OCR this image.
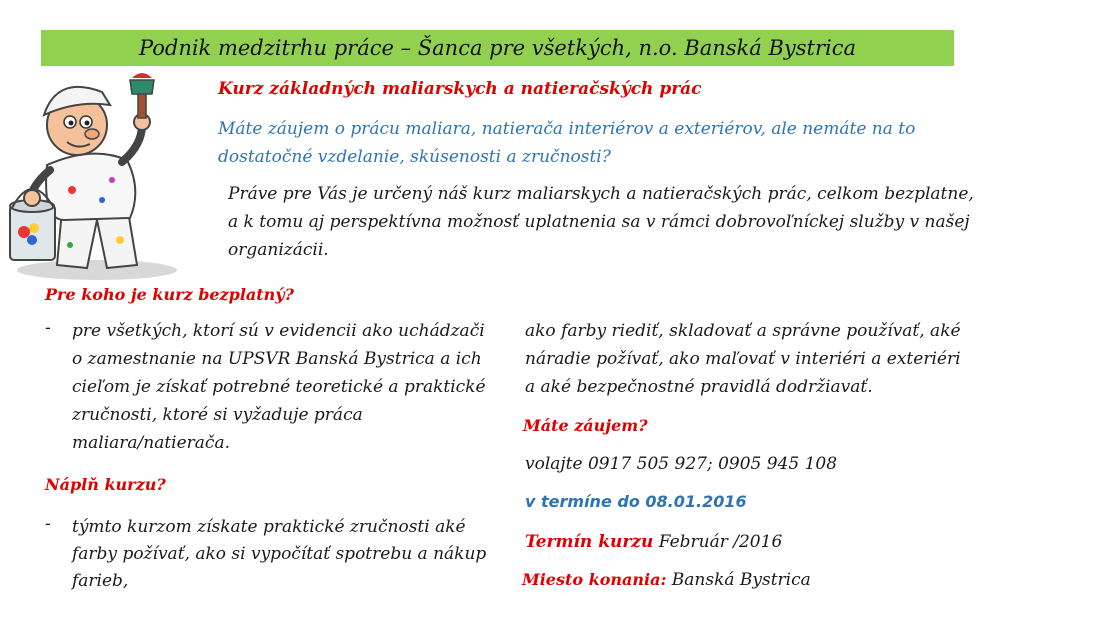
Podnik medzitrhu práce – Šanca pre všetkých, n.o. Banská Bystrica
Kurz základných maliarskych a natieračských prác
Máte záujem o prácu maliara, natierača interiérov a exteriérov, ale nemáte na to
dostatočné vzdelanie, skúsenosti a zručnosti?
Práve pre Vás je určený náš kurz maliarskych a natieračských prác, celkom bezplatne,
a k tomu aj perspektívna možnosť uplatnenia sa v rámci dobrovoľníckej služby v našej
organizácii.
Pre koho je kurz bezplatný?
- pre všetkých, ktorí sú v evidencii ako uchádzači
o zamestnanie na UPSVR Banská Bystrica a ich
cieľom je získať potrebné teoretické a praktické
zručnosti, ktoré si vyžaduje práca
maliara/natierača.
Náplň kurzu?
- týmto kurzom získate praktické zručnosti aké
farby požívať, ako si vypočítať spotrebu a nákup
farieb,
ako farby riediť, skladovať a správne používať, aké
náradie požívať, ako maľovať v interiéri a exteriéri
a aké bezpečnostné pravidlá dodržiavať.
Máte záujem?
volajte 0917 505 927; 0905 945 108
v termíne do 08.01.2016
Termín kurzu Február /2016
Miesto konania: Banská Bystrica
